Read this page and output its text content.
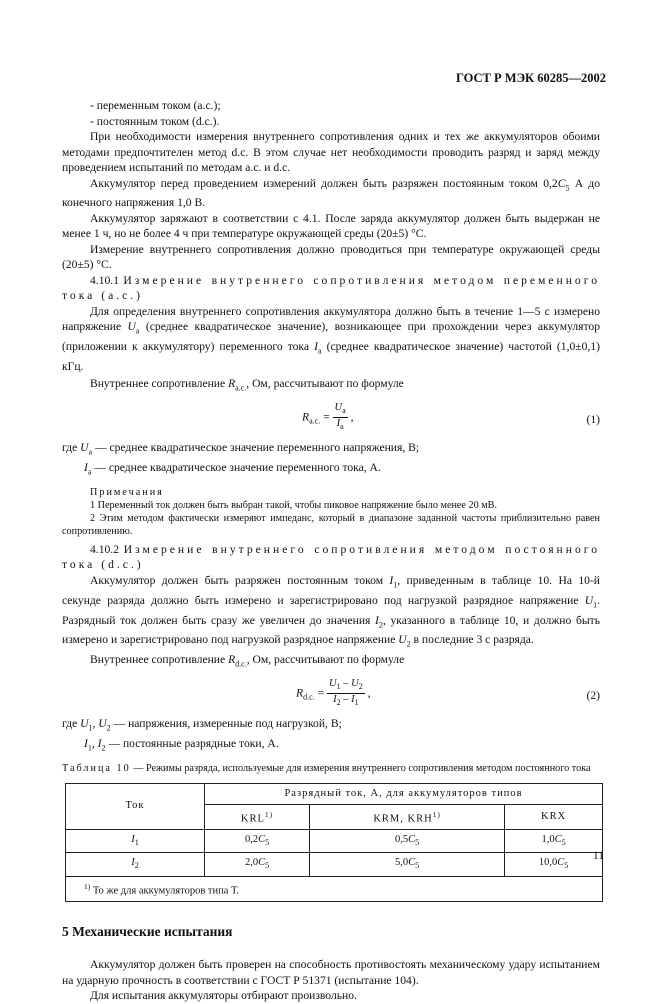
ГОСТ Р МЭК 60285—2002

- переменным током (a.c.);

- постоянным током (d.c.).

При необходимости измерения внутреннего сопротивления одних и тех же аккумуляторов обоими методами предпочтителен метод d.c. В этом случае нет необходимости проводить разряд и заряд между проведением испытаний по методам a.c. и d.c.

Аккумулятор перед проведением измерений должен быть разряжен постоянным током $0,2C_5$ А до конечного напряжения 1,0 В.

Аккумулятор заряжают в соответствии с 4.1. После заряда аккумулятор должен быть выдержан не менее 1 ч, но не более 4 ч при температуре окружающей среды (20±5) °С.

Измерение внутреннего сопротивления должно проводиться при температуре окружающей среды (20±5) °С.

4.10.1 Измерение внутреннего сопротивления методом переменного тока (a.c.)

Для определения внутреннего сопротивления аккумулятора должно быть в течение 1—5 с измерено напряжение $U_a$ (среднее квадратическое значение), возникающее при прохождении через аккумулятор (приложении к аккумулятору) переменного тока $I_a$ (среднее квадратическое значение) частотой (1,0±0,1) кГц.

Внутреннее сопротивление $R_{a.c.}$, Ом, рассчитывают по формуле

$R_{a.c.} = \frac{U_a}{I_a}$ ,	(1)

где $U_a$ — среднее квадратическое значение переменного напряжения, В;

$I_a$ — среднее квадратическое значение переменного тока, А.

Примечания

1 Переменный ток должен быть выбран такой, чтобы пиковое напряжение было менее 20 мВ.

2 Этим методом фактически измеряют импеданс, который в диапазоне заданной частоты приблизительно равен сопротивлению.

4.10.2 Измерение внутреннего сопротивления методом постоянного тока (d.c.)

Аккумулятор должен быть разряжен постоянным током $I_1$, приведенным в таблице 10. На 10-й секунде разряда должно быть измерено и зарегистрировано под нагрузкой разрядное напряжение $U_1$. Разрядный ток должен быть сразу же увеличен до значения $I_2$, указанного в таблице 10, и должно быть измерено и зарегистрировано под нагрузкой разрядное напряжение $U_2$ в последние 3 с разряда.

Внутреннее сопротивление $R_{d.c.}$, Ом, рассчитывают по формуле

$R_{d.c.} = \frac{U_1 - U_2}{I_2 - I_1}$ ,	(2)

где $U_1$, $U_2$ — напряжения, измеренные под нагрузкой, В;

$I_1$, $I_2$ — постоянные разрядные токи, А.

Таблица 10 — Режимы разряда, используемые для измерения внутреннего сопротивления методом постоянного тока

Ток	Разрядный ток, А, для аккумуляторов типов		
	KRL$^{1)}$	KRM, KRH$^{1)}$	KRX
$I_1$	$0,2C_5$	$0,5C_5$	$1,0C_5$
$I_2$	$2,0C_5$	$5,0C_5$	$10,0C_5$
$^{1)}$ То же для аккумуляторов типа Т.			

5 Механические испытания

Аккумулятор должен быть проверен на способность противостоять механическому удару испытанием на ударную прочность в соответствии с ГОСТ Р 51371 (испытание 104).

Для испытания аккумуляторы отбирают произвольно.

11
